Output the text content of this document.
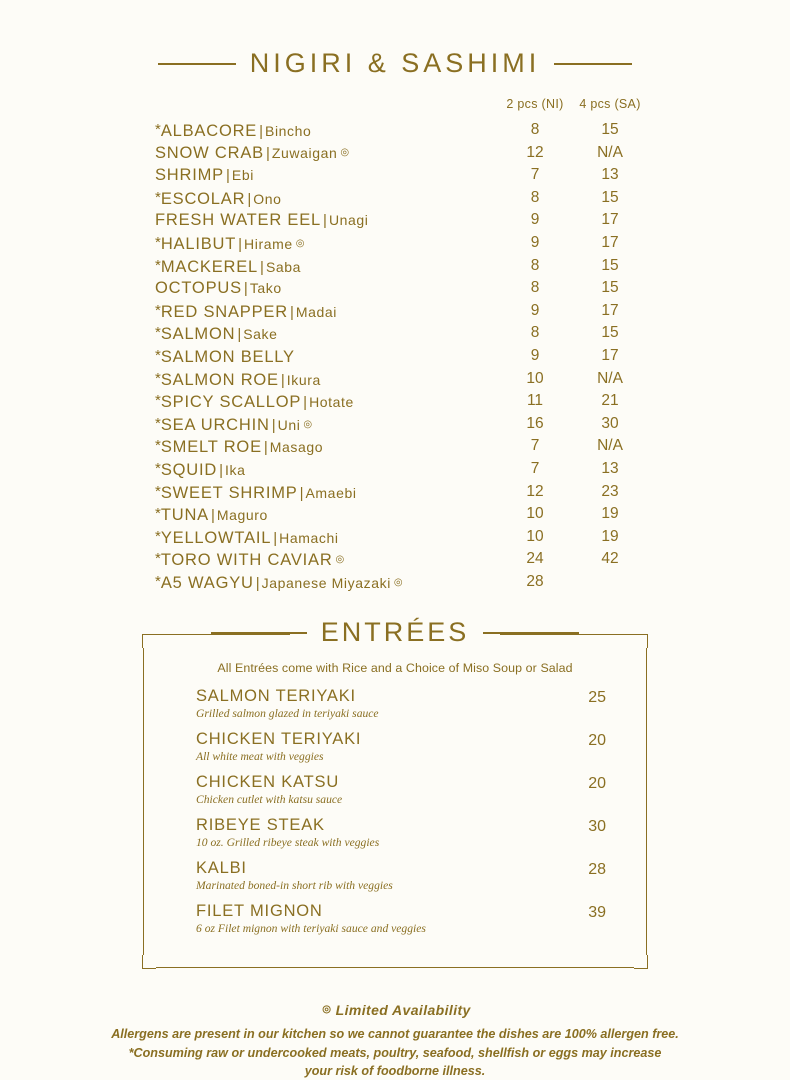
NIGIRI & SASHIMI
2 pcs (NI)	4 pcs (SA)
*ALBACORE | Bincho	8	15
SNOW CRAB | Zuwaigan ◎	12	N/A
SHRIMP | Ebi	7	13
*ESCOLAR | Ono	8	15
FRESH WATER EEL | Unagi	9	17
*HALIBUT | Hirame ◎	9	17
*MACKEREL | Saba	8	15
OCTOPUS | Tako	8	15
*RED SNAPPER | Madai	9	17
*SALMON | Sake	8	15
*SALMON BELLY	9	17
*SALMON ROE | Ikura	10	N/A
*SPICY SCALLOP | Hotate	11	21
*SEA URCHIN | Uni ◎	16	30
*SMELT ROE | Masago	7	N/A
*SQUID | Ika	7	13
*SWEET SHRIMP | Amaebi	12	23
*TUNA | Maguro	10	19
*YELLOWTAIL | Hamachi	10	19
*TORO WITH CAVIAR ◎	24	42
*A5 WAGYU | Japanese Miyazaki ◎	28
ENTRÉES

All Entrées come with Rice and a Choice of Miso Soup or Salad

SALMON TERIYAKI
Grilled salmon glazed in teriyaki sauce
25
CHICKEN TERIYAKI
All white meat with veggies
20
CHICKEN KATSU
Chicken cutlet with katsu sauce
20
RIBEYE STEAK
10 oz. Grilled ribeye steak with veggies
30
KALBI
Marinated boned-in short rib with veggies
28
FILET MIGNON
6 oz Filet mignon with teriyaki sauce and veggies
39
◎ Limited Availability
Allergens are present in our kitchen so we cannot guarantee the dishes are 100% allergen free.
*Consuming raw or undercooked meats, poultry, seafood, shellfish or eggs may increase
your risk of foodborne illness.
